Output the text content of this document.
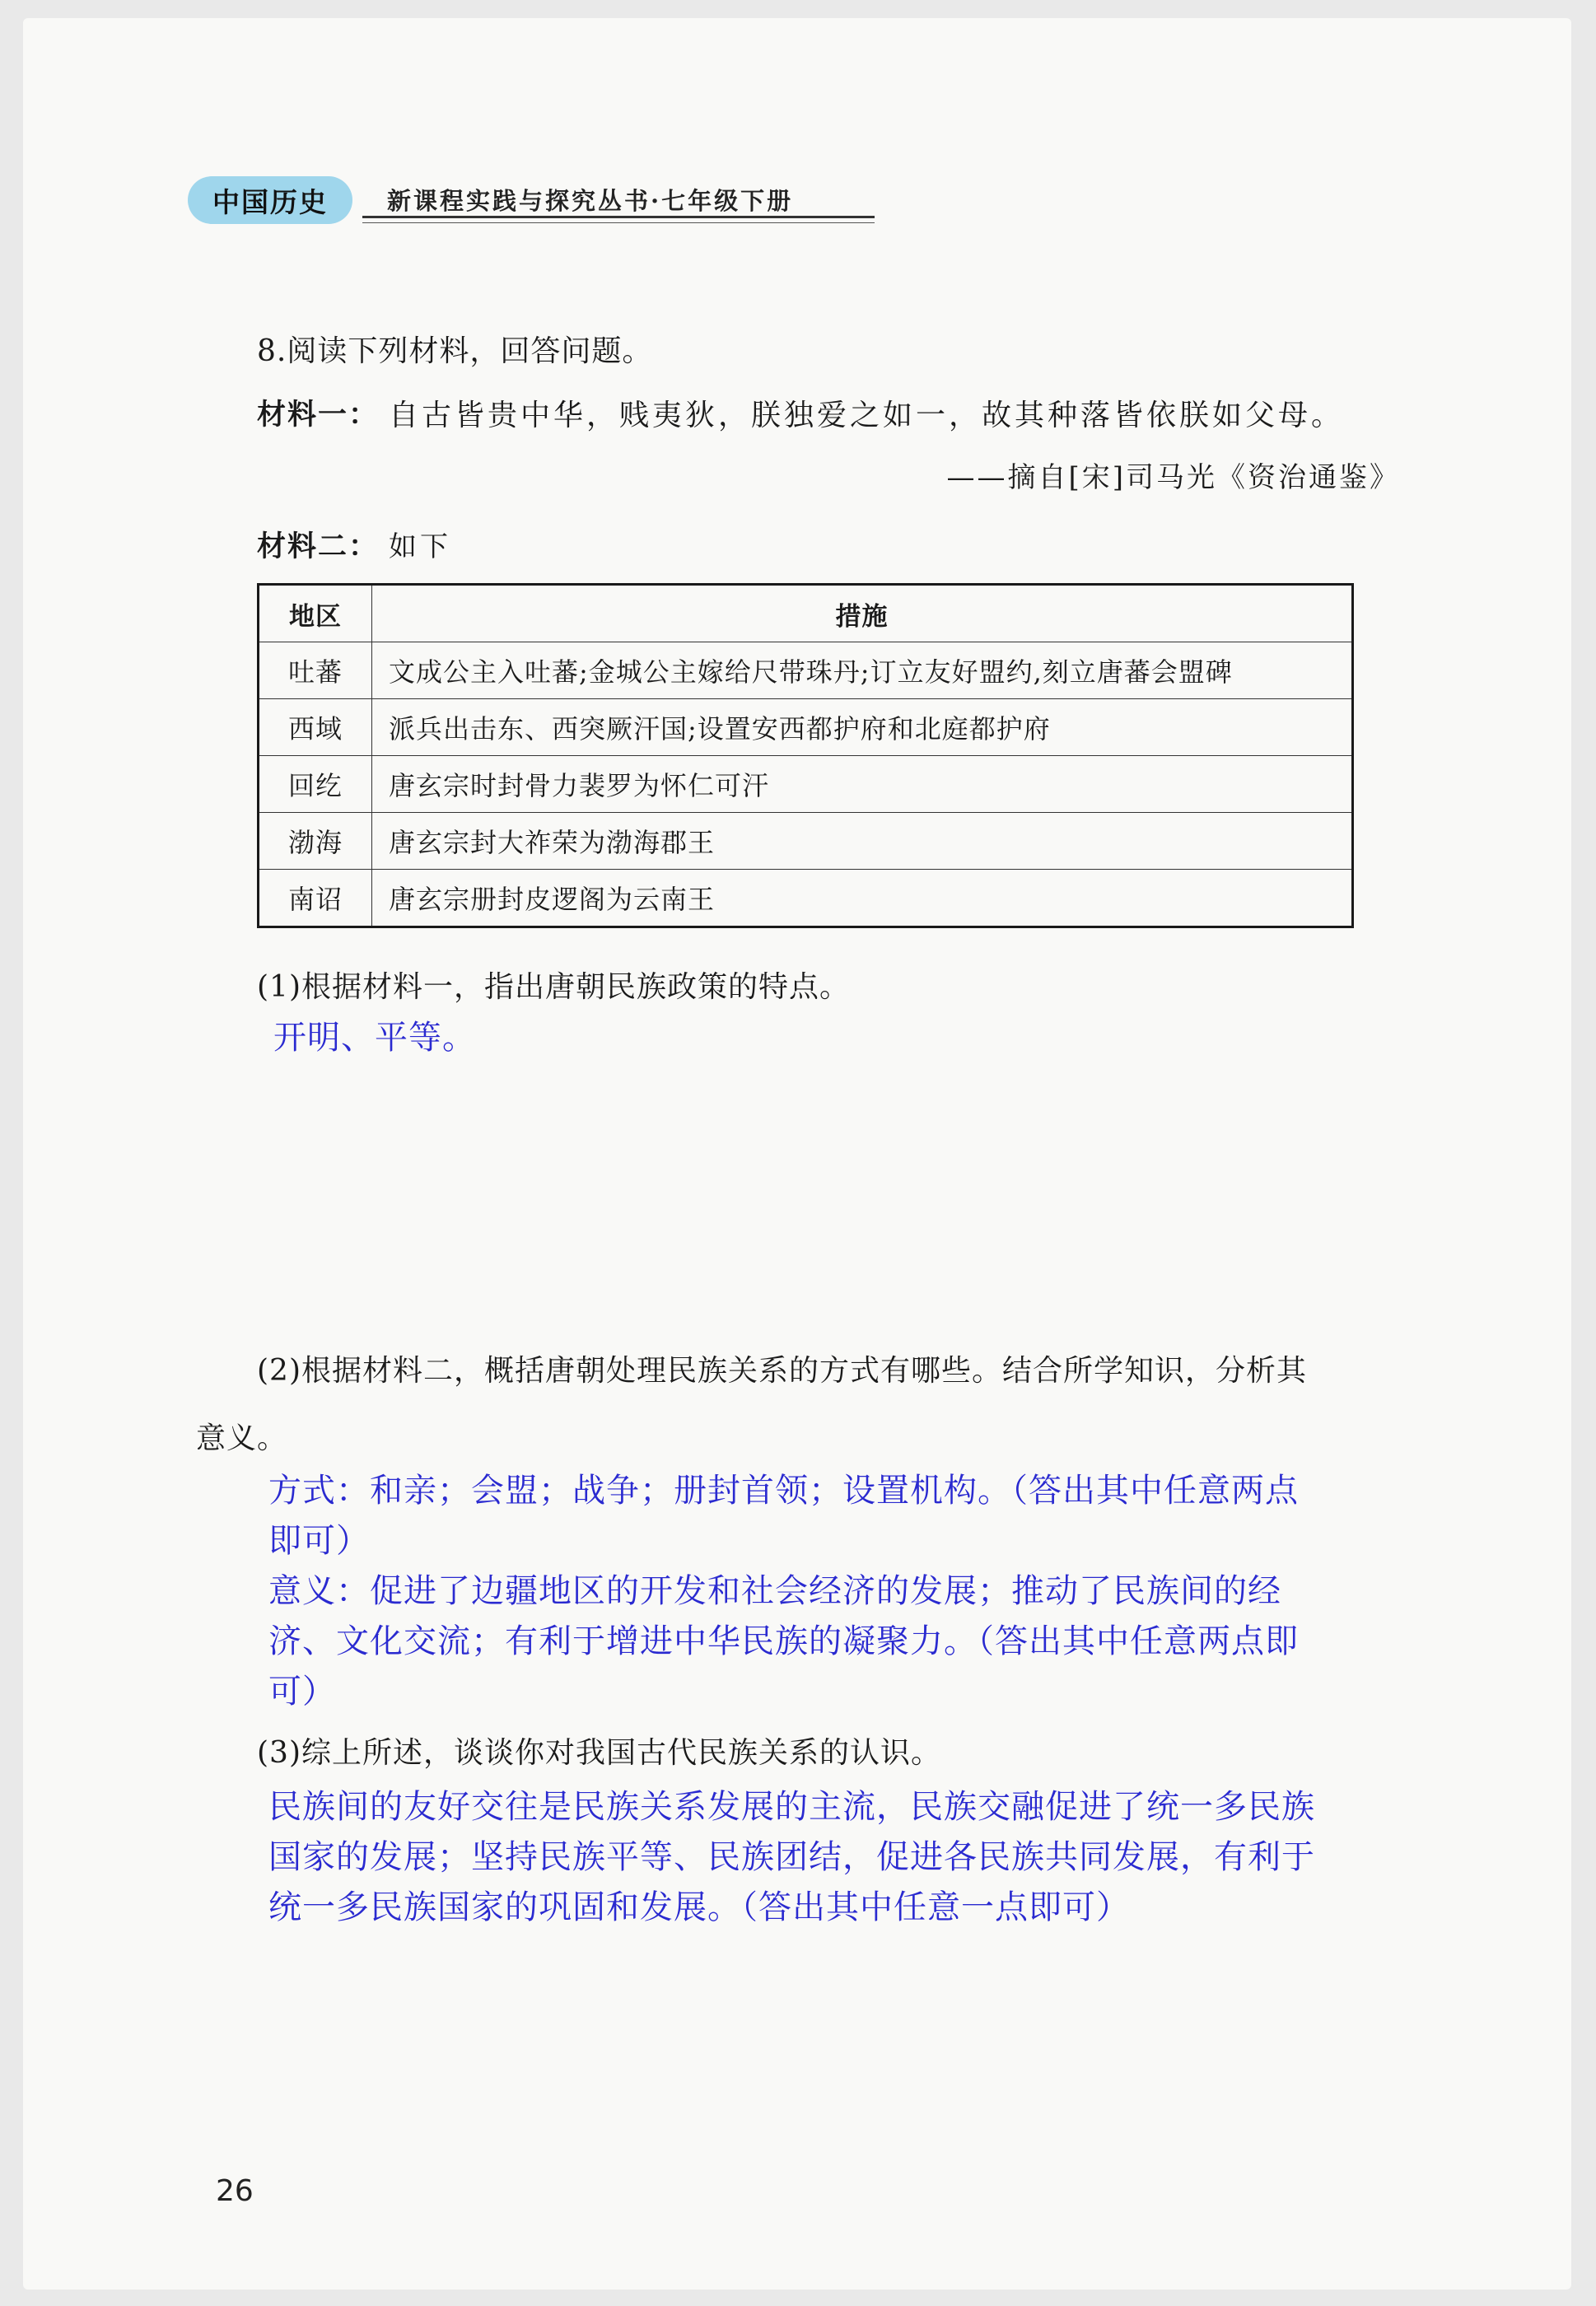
中国历史	新课程实践与探究丛书·七年级下册
8.阅读下列材料，回答问题。
材料一： 自古皆贵中华，贱夷狄，朕独爱之如一，故其种落皆依朕如父母。
——摘自[宋]司马光《资治通鉴》
材料二： 如下
地区	措施
吐蕃	文成公主入吐蕃;金城公主嫁给尺带珠丹;订立友好盟约,刻立唐蕃会盟碑
西域	派兵出击东、西突厥汗国;设置安西都护府和北庭都护府
回纥	唐玄宗时封骨力裴罗为怀仁可汗
渤海	唐玄宗封大祚荣为渤海郡王
南诏	唐玄宗册封皮逻阁为云南王
(1)根据材料一，指出唐朝民族政策的特点。
开明、平等。
(2)根据材料二，概括唐朝处理民族关系的方式有哪些。结合所学知识，分析其
意义。
方式：和亲；会盟；战争；册封首领；设置机构。（答出其中任意两点
即可）
意义：促进了边疆地区的开发和社会经济的发展；推动了民族间的经
济、文化交流；有利于增进中华民族的凝聚力。（答出其中任意两点即
可）
(3)综上所述，谈谈你对我国古代民族关系的认识。
民族间的友好交往是民族关系发展的主流，民族交融促进了统一多民族
国家的发展；坚持民族平等、民族团结，促进各民族共同发展，有利于
统一多民族国家的巩固和发展。（答出其中任意一点即可）
26
